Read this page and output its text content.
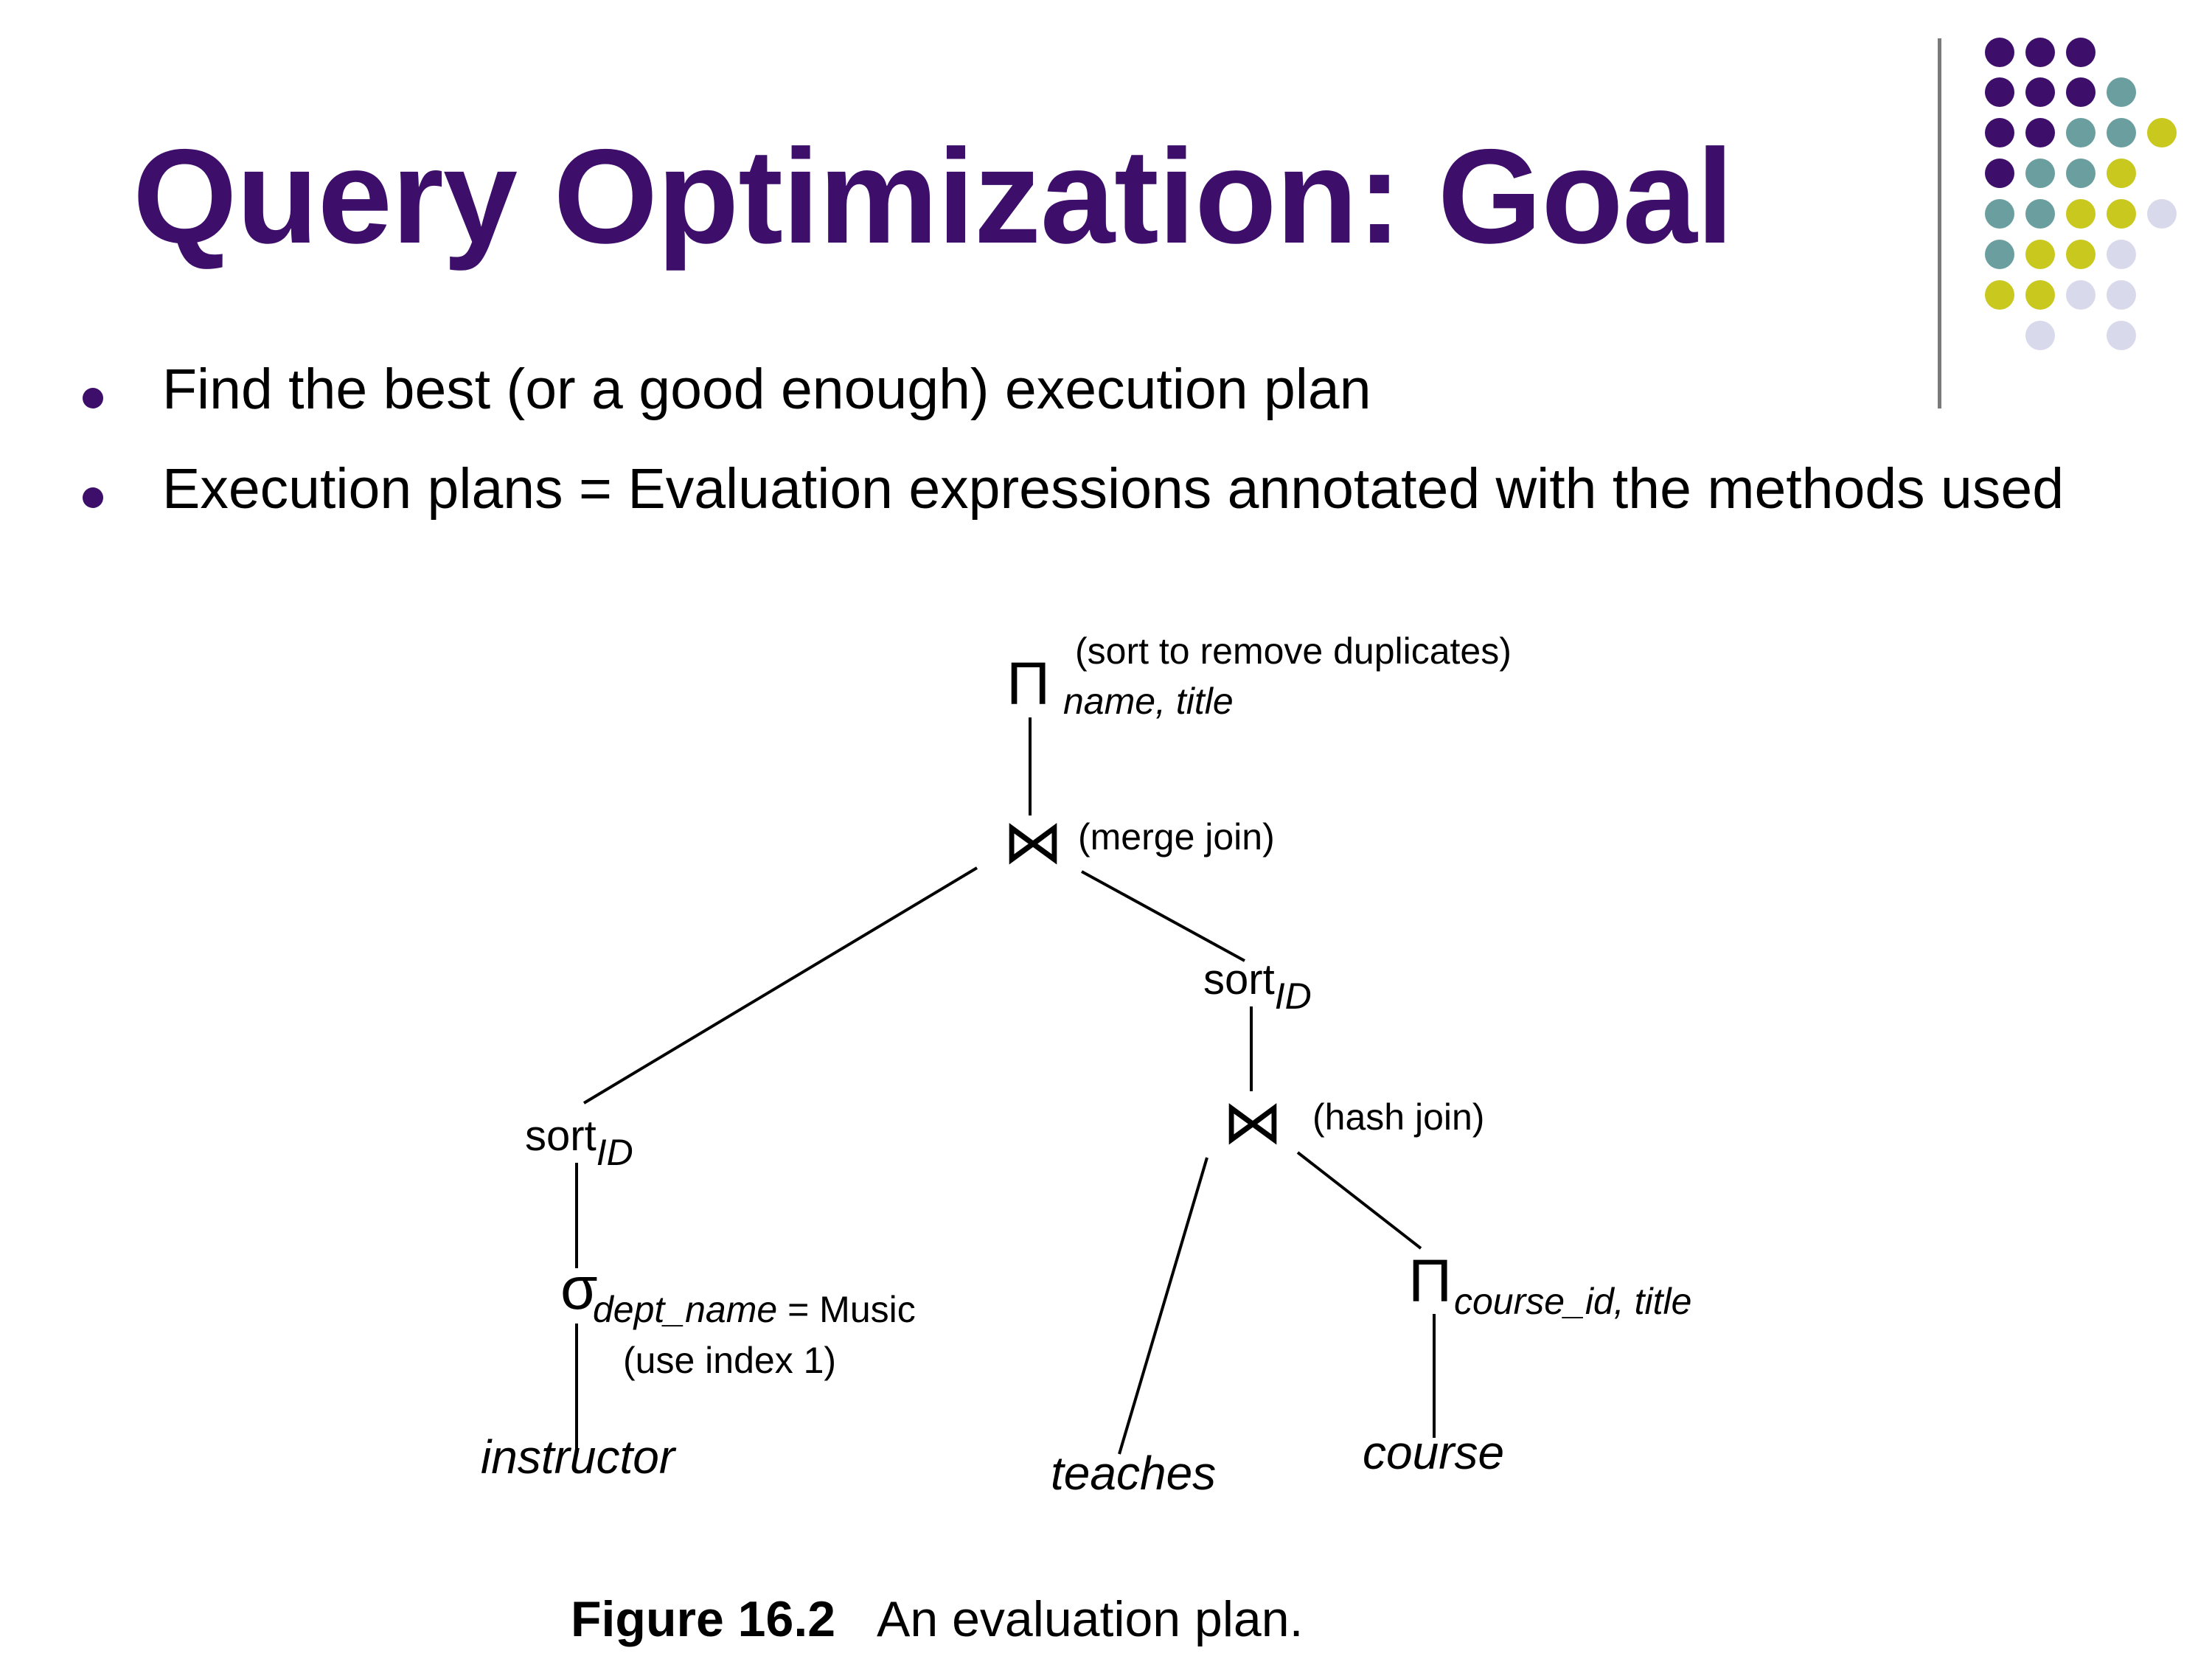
Query Optimization: Goal
Find the best (or a good enough) execution plan
Execution plans = Evaluation expressions annotated with the methods used
Π name, title
(sort to remove duplicates)
⋈ (merge join)
sortID
sortID	⋈ (hash join)
σ
dept_name = Music
(use index 1)
Π course_id, title
instructor	teaches	course
Figure 16.2 An evaluation plan.
